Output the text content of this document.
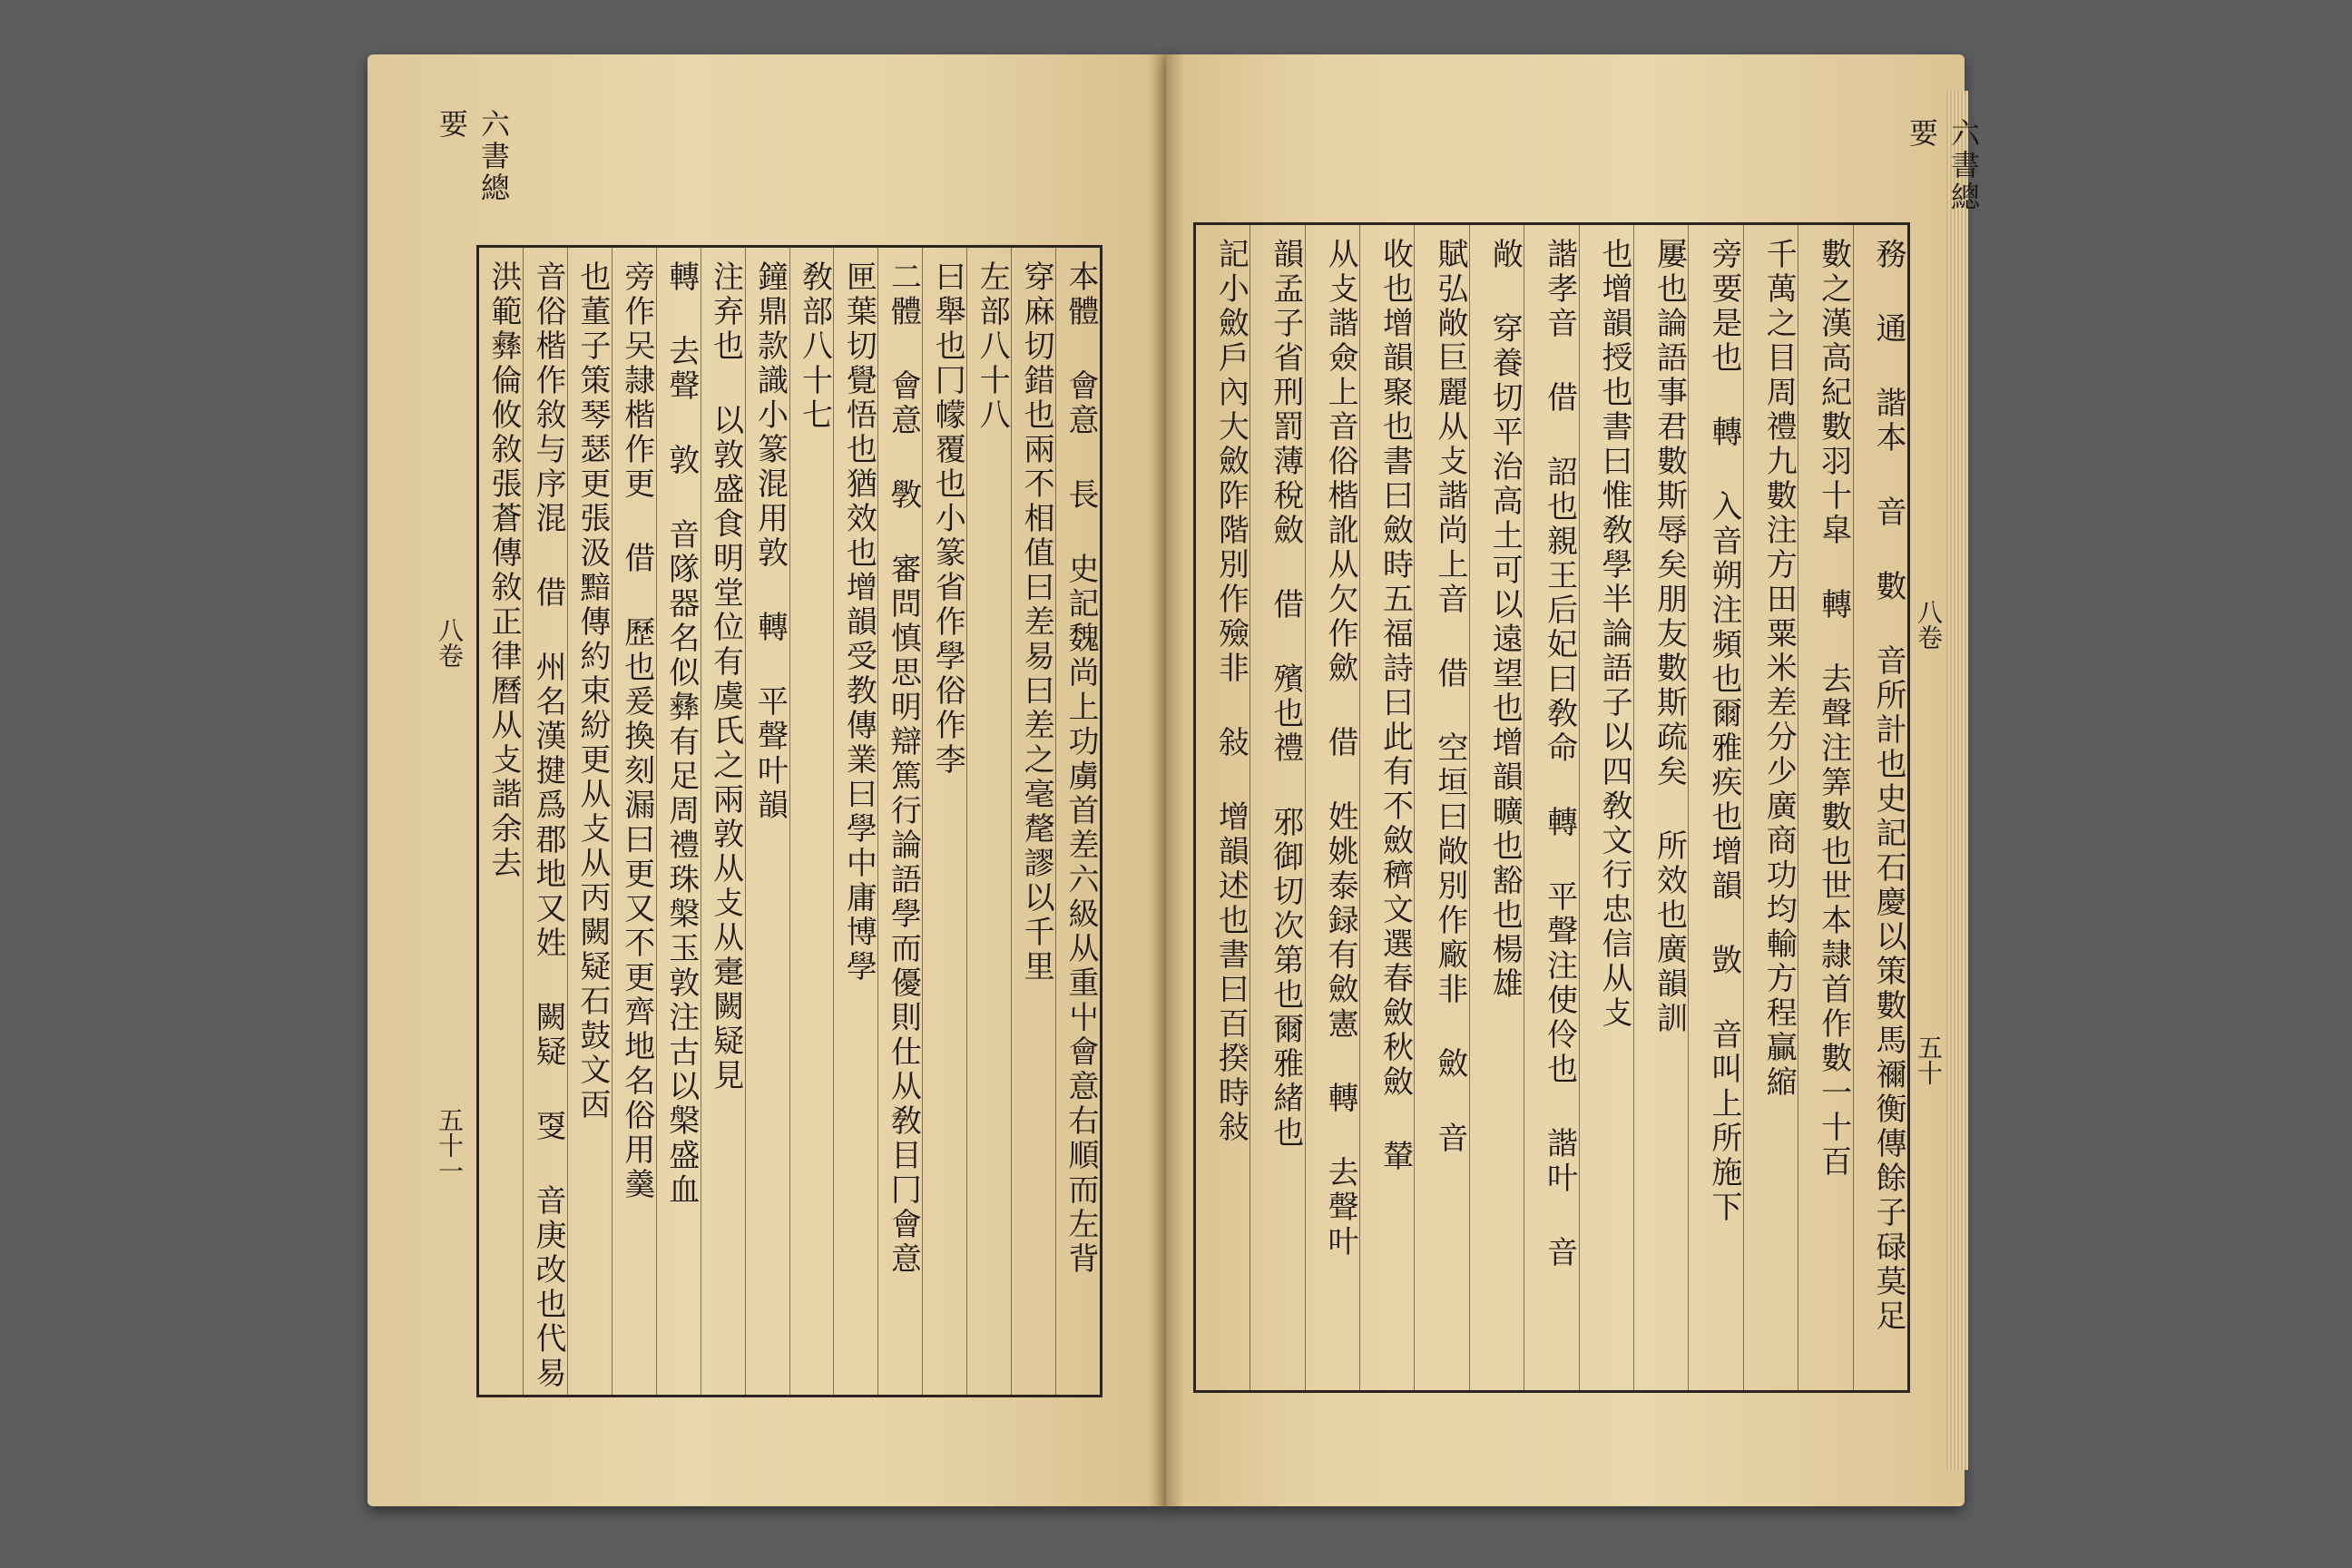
六書總要
五十一
八卷	本體 會意 長 史記魏尚上功虜首差六級从重屮會意右順而左背
穿麻切錯也兩不相值曰差易曰差之毫氂謬以千里
左部八十八
曰舉也冂幪覆也小篆省作學俗作李
二體 會意 斆 審問慎思明辯篤行論語學而優則仕从敎目冂會意
匣葉切覺悟也猶效也增韻受教傳業曰學中庸博學
敎部八十七
鐘鼎款識小篆混用敦 轉 平聲叶韻
注弃也 以敦盛食明堂位有虞氏之兩敦从攴从㚄闕疑見
轉 去聲 敦 音隊器名似彝有足周禮珠槃玉敦注古以槃盛血
旁作㕦隷楷作更 借 歷也爰換刻漏曰更又不更齊地名俗用羹
也董子策琴瑟更張汲黯傳約束紛更从攴从丙闕疑石鼓文㐁
音俗楷作敘与序混 借 州名漢揵爲郡地又姓 闕疑 㪅 音庚改也代易
洪範彝倫攸敘張蒼傳敘正律曆从攴諧余去
六書總要
八卷
五十
務 通 諧本 音 數 音所計也史記石慶以策數馬禰衡傳餘子碌莫足
數之漢高紀數羽十皐 轉 去聲注筭數也世本隷首作數一十百
千萬之目周禮九數注方田粟米差分少廣商功均輸方程贏縮
旁要是也 轉 入音朔注頻也爾雅疾也增韻 敳 音叫上所施下
屢也論語事君數斯辱矣朋友數斯疏矣 所效也廣韻訓
也增韻授也書曰惟敎學半論語子以四敎文行忠信从攴
諧孝音 借 詔也親王后妃曰敎命 轉 平聲注使伶也 諧叶 音
敞 穿養切平治高土可以遠望也增韻曠也豁也楊雄
賦弘敞巨麗从攴諧尚上音 借 空垣曰敞別作廠非 斂 音
收也增韻聚也書曰斂時五福詩曰此有不斂穧文選春斂秋斂 輦
从攴諧僉上音俗楷訛从欠作歛 借 姓姚泰録有斂憲 轉 去聲叶
韻孟子省刑罰薄稅斂 借 殯也禮 邪御切次第也爾雅緒也
記小斂戶內大斂阼階別作殮非 敍 增韻述也書曰百揆時敍
